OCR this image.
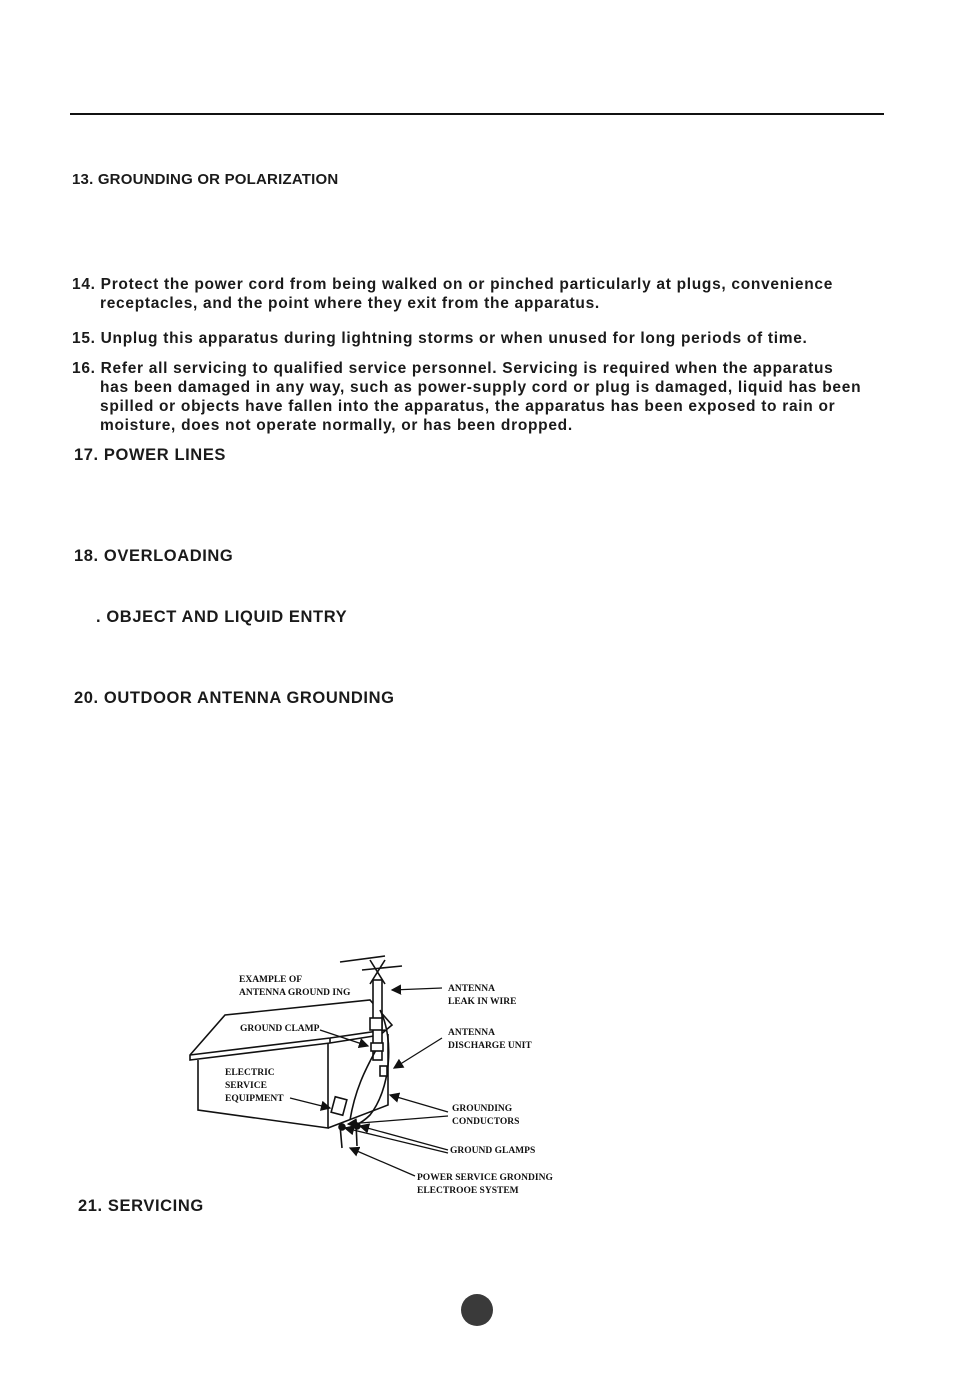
13. GROUNDING OR POLARIZATION
14. Protect the power cord from being walked on or pinched particularly at plugs, convenience
receptacles, and the point where they exit from the apparatus.
15. Unplug this apparatus during lightning storms or when unused for long periods of time.
16. Refer all servicing to qualified service personnel. Servicing is required when the apparatus
has been damaged in any way, such as power-supply cord or plug is damaged, liquid has been
spilled or objects have fallen into the apparatus, the apparatus has been exposed to rain or
moisture, does not operate normally, or has been dropped.
17. POWER LINES
18. OVERLOADING
. OBJECT AND LIQUID ENTRY
20. OUTDOOR ANTENNA GROUNDING
EXAMPLE OF
ANTENNA GROUND ING
GROUND CLAMP
ELECTRIC
SERVICE
EQUIPMENT
ANTENNA
LEAK IN WIRE
ANTENNA
DISCHARGE UNIT
GROUNDING
CONDUCTORS
GROUND GLAMPS
POWER SERVICE GRONDING
ELECTROOE SYSTEM
21. SERVICING
